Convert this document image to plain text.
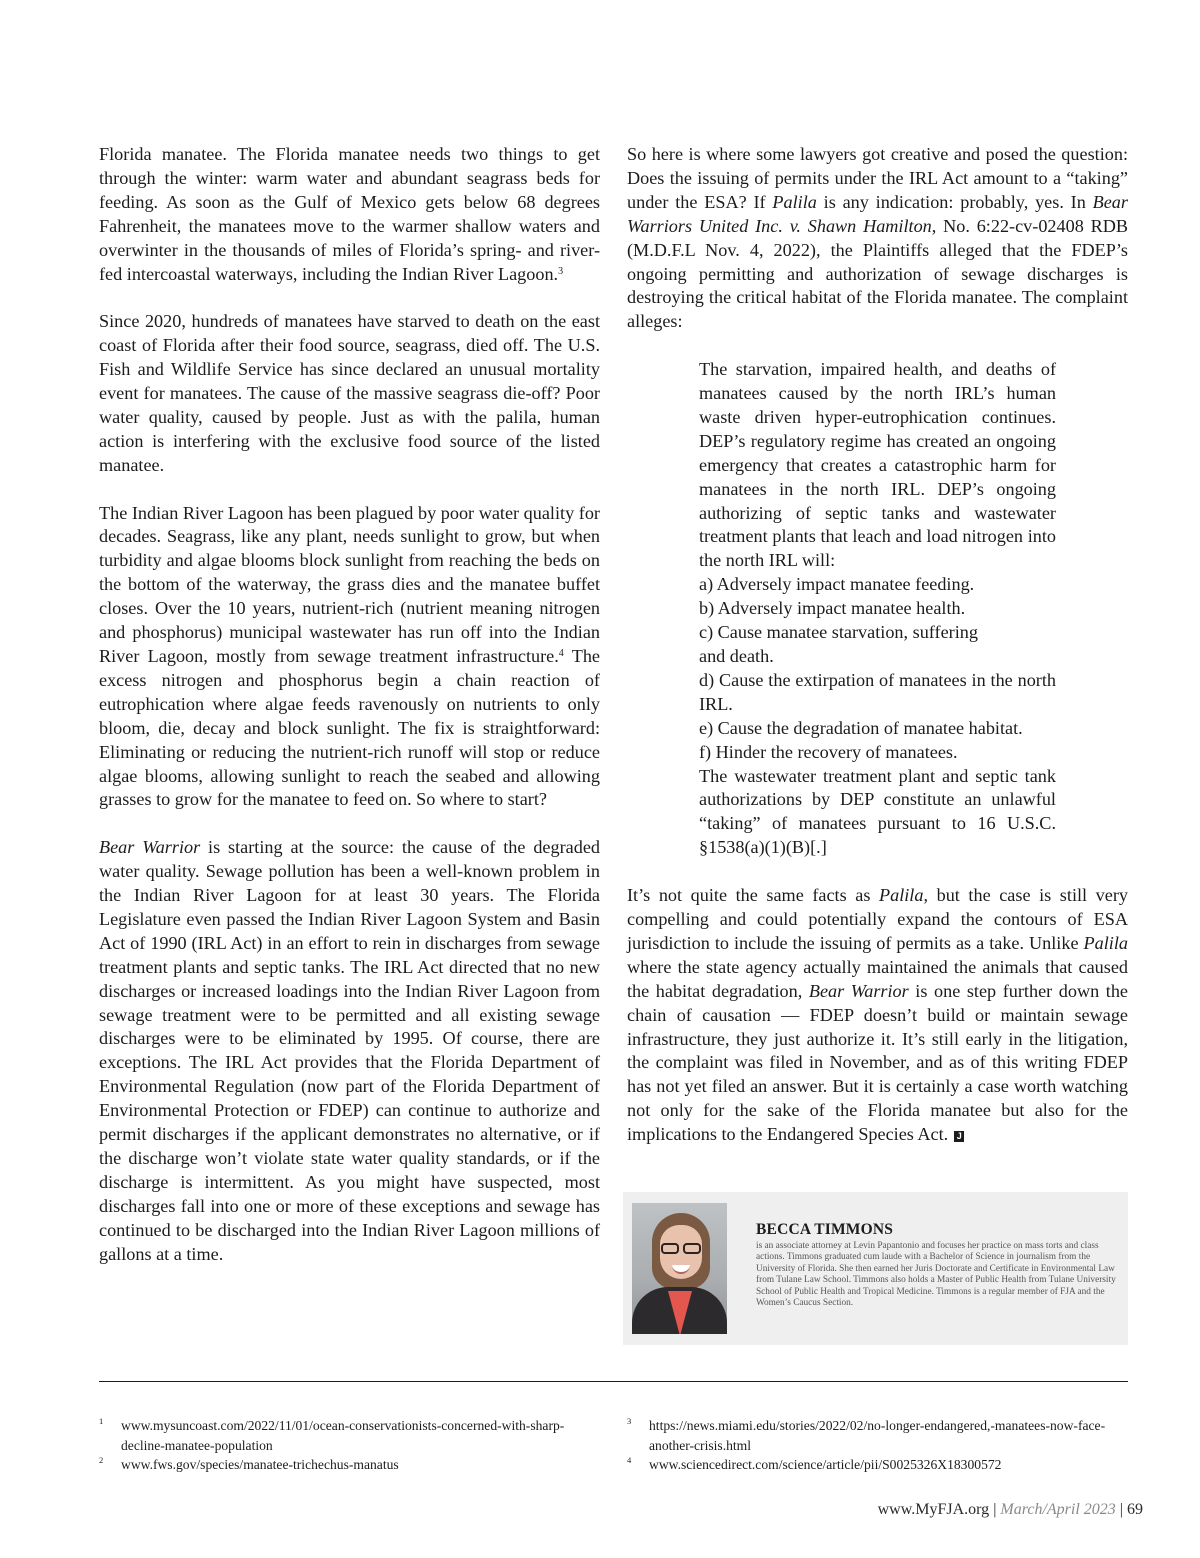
Florida manatee. The Florida manatee needs two things to get through the winter: warm water and abundant seagrass beds for feeding. As soon as the Gulf of Mexico gets below 68 degrees Fahrenheit, the manatees move to the warmer shallow waters and overwinter in the thousands of miles of Florida’s spring- and river-fed intercoastal waterways, including the Indian River Lagoon.$^3$

Since 2020, hundreds of manatees have starved to death on the east coast of Florida after their food source, seagrass, died off. The U.S. Fish and Wildlife Service has since declared an unusual mortality event for manatees. The cause of the massive seagrass die-off? Poor water quality, caused by people. Just as with the palila, human action is interfering with the exclusive food source of the listed manatee.

The Indian River Lagoon has been plagued by poor water quality for decades. Seagrass, like any plant, needs sunlight to grow, but when turbidity and algae blooms block sunlight from reaching the beds on the bottom of the waterway, the grass dies and the manatee buffet closes. Over the 10 years, nutrient-rich (nutrient meaning nitrogen and phosphorus) municipal wastewater has run off into the Indian River Lagoon, mostly from sewage treatment infrastructure.$^4$ The excess nitrogen and phosphorus begin a chain reaction of eutrophication where algae feeds ravenously on nutrients to only bloom, die, decay and block sunlight. The fix is straightforward: Eliminating or reducing the nutrient-rich runoff will stop or reduce algae blooms, allowing sunlight to reach the seabed and allowing grasses to grow for the manatee to feed on. So where to start?

Bear Warrior is starting at the source: the cause of the degraded water quality. Sewage pollution has been a well-known problem in the Indian River Lagoon for at least 30 years. The Florida Legislature even passed the Indian River Lagoon System and Basin Act of 1990 (IRL Act) in an effort to rein in discharges from sewage treatment plants and septic tanks. The IRL Act directed that no new discharges or increased loadings into the Indian River Lagoon from sewage treatment were to be permitted and all existing sewage discharges were to be eliminated by 1995. Of course, there are exceptions. The IRL Act provides that the Florida Department of Environmental Regulation (now part of the Florida Department of Environmental Protection or FDEP) can continue to authorize and permit discharges if the applicant demonstrates no alternative, or if the discharge won’t violate state water quality standards, or if the discharge is intermittent. As you might have suspected, most discharges fall into one or more of these exceptions and sewage has continued to be discharged into the Indian River Lagoon millions of gallons at a time.

So here is where some lawyers got creative and posed the question: Does the issuing of permits under the IRL Act amount to a “taking” under the ESA? If Palila is any indication: probably, yes. In Bear Warriors United Inc. v. Shawn Hamilton, No. 6:22-cv-02408 RDB (M.D.F.L Nov. 4, 2022), the Plaintiffs alleged that the FDEP’s ongoing permitting and authorization of sewage discharges is destroying the critical habitat of the Florida manatee. The complaint alleges:

The starvation, impaired health, and deaths of manatees caused by the north IRL’s human waste driven hyper-eutrophication continues. DEP’s regulatory regime has created an ongoing emergency that creates a catastrophic harm for manatees in the north IRL. DEP’s ongoing authorizing of septic tanks and wastewater treatment plants that leach and load nitrogen into the north IRL will:
a) Adversely impact manatee feeding.
b) Adversely impact manatee health.
c) Cause manatee starvation, suffering and death.
d) Cause the extirpation of manatees in the north IRL.
e) Cause the degradation of manatee habitat.
f) Hinder the recovery of manatees.
The wastewater treatment plant and septic tank authorizations by DEP constitute an unlawful “taking” of manatees pursuant to 16 U.S.C. §1538(a)(1)(B)[.]

It’s not quite the same facts as Palila, but the case is still very compelling and could potentially expand the contours of ESA jurisdiction to include the issuing of permits as a take. Unlike Palila where the state agency actually maintained the animals that caused the habitat degradation, Bear Warrior is one step further down the chain of causation — FDEP doesn’t build or maintain sewage infrastructure, they just authorize it. It’s still early in the litigation, the complaint was filed in November, and as of this writing FDEP has not yet filed an answer. But it is certainly a case worth watching not only for the sake of the Florida manatee but also for the implications to the Endangered Species Act. J

BECCA TIMMONS
is an associate attorney at Levin Papantonio and focuses her practice on mass torts and class actions. Timmons graduated cum laude with a Bachelor of Science in journalism from the University of Florida. She then earned her Juris Doctorate and Certificate in Environmental Law from Tulane Law School. Timmons also holds a Master of Public Health from Tulane University School of Public Health and Tropical Medicine. Timmons is a regular member of FJA and the Women’s Caucus Section.
1 www.mysuncoast.com/2022/11/01/ocean-conservationists-concerned-with-sharp-decline-manatee-population
2 www.fws.gov/species/manatee-trichechus-manatus
3 https://news.miami.edu/stories/2022/02/no-longer-endangered,-manatees-now-face-another-crisis.html
4 www.sciencedirect.com/science/article/pii/S0025326X18300572
www.MyFJA.org | March/April 2023 | 69
